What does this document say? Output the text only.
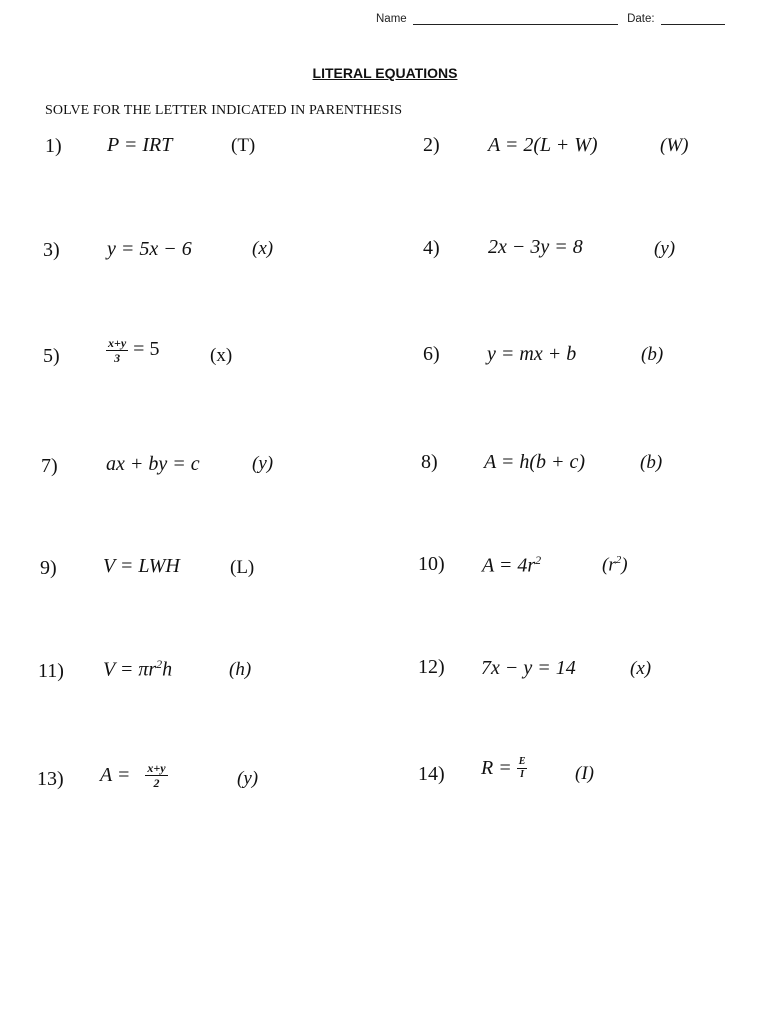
Name	Date:
LITERAL EQUATIONS
SOLVE FOR THE LETTER INDICATED IN PARENTHESIS
1) P = IRT	(T)	2) A = 2(L + W)	(W)
3) y = 5x − 6	(x)	4) 2x − 3y = 8	(y)
5)	$\frac{x+y}{3} = 5$	(x)	6) y = mx + b	(b)
7) ax + by = c	(y)	8) A = h(b + c)	(b)
9) V = LWH	(L)	10) $A = 4r^2$	$(r^2)$
11) $V = \pi r^2h$	(h)	12) 7x − y = 14	(x)
13) $A = \frac{x+y}{2}$	(y)	14) $R = \frac{E}{I}$	(I)
